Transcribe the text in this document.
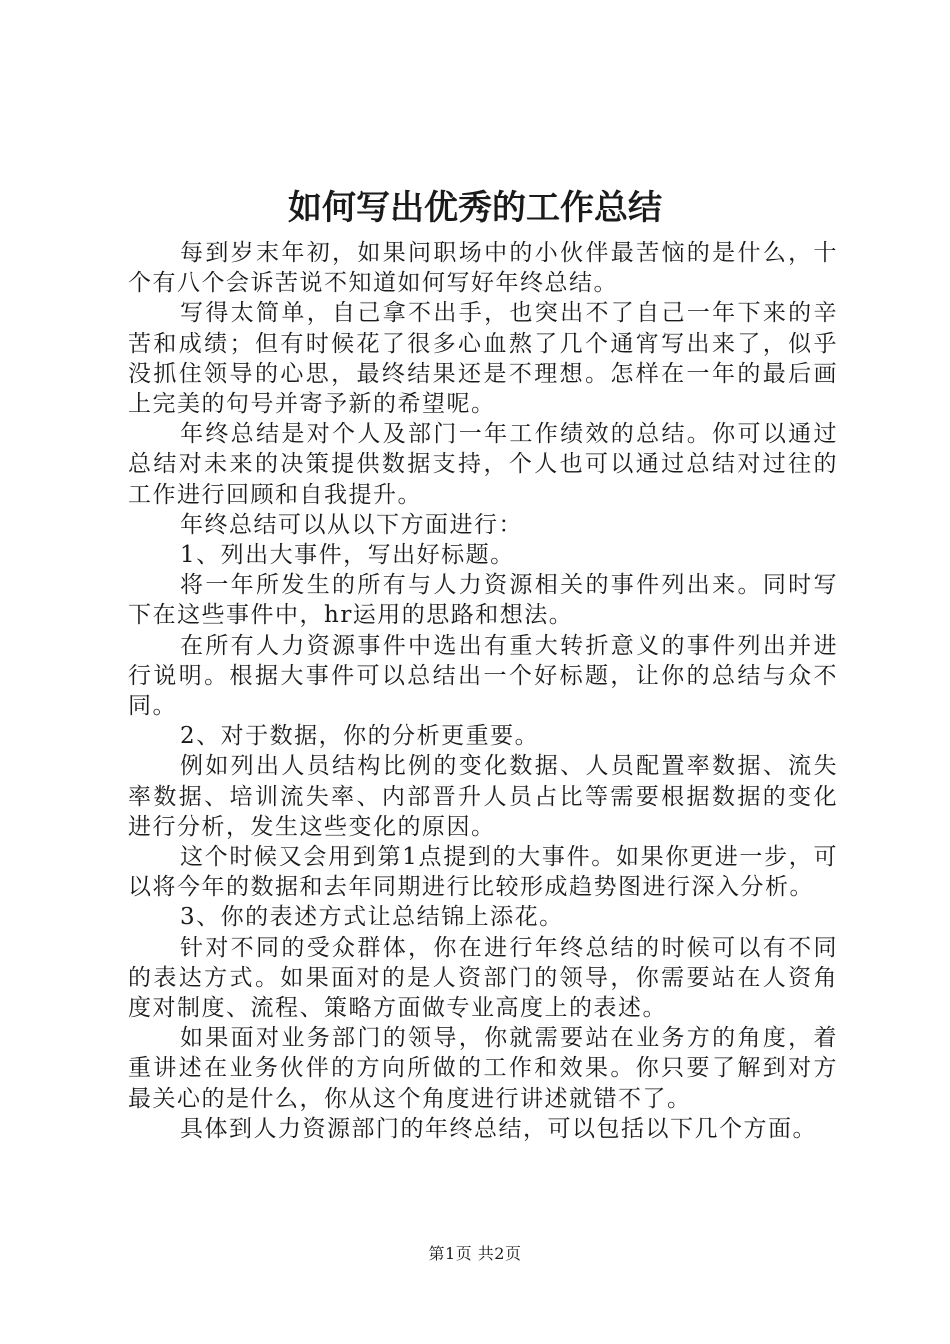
如何写出优秀的工作总结

每到岁末年初，如果问职场中的小伙伴最苦恼的是什么，十个有八个会诉苦说不知道如何写好年终总结。

写得太简单，自己拿不出手，也突出不了自己一年下来的辛苦和成绩；但有时候花了很多心血熬了几个通宵写出来了，似乎没抓住领导的心思，最终结果还是不理想。怎样在一年的最后画上完美的句号并寄予新的希望呢。

年终总结是对个人及部门一年工作绩效的总结。你可以通过总结对未来的决策提供数据支持，个人也可以通过总结对过往的工作进行回顾和自我提升。

年终总结可以从以下方面进行：

1、列出大事件，写出好标题。

将一年所发生的所有与人力资源相关的事件列出来。同时写下在这些事件中，hr运用的思路和想法。

在所有人力资源事件中选出有重大转折意义的事件列出并进行说明。根据大事件可以总结出一个好标题，让你的总结与众不同。

2、对于数据，你的分析更重要。

例如列出人员结构比例的变化数据、人员配置率数据、流失率数据、培训流失率、内部晋升人员占比等需要根据数据的变化进行分析，发生这些变化的原因。

这个时候又会用到第1点提到的大事件。如果你更进一步，可以将今年的数据和去年同期进行比较形成趋势图进行深入分析。

3、你的表述方式让总结锦上添花。

针对不同的受众群体，你在进行年终总结的时候可以有不同的表达方式。如果面对的是人资部门的领导，你需要站在人资角度对制度、流程、策略方面做专业高度上的表述。

如果面对业务部门的领导，你就需要站在业务方的角度，着重讲述在业务伙伴的方向所做的工作和效果。你只要了解到对方最关心的是什么，你从这个角度进行讲述就错不了。

具体到人力资源部门的年终总结，可以包括以下几个方面。

第1页 共2页
